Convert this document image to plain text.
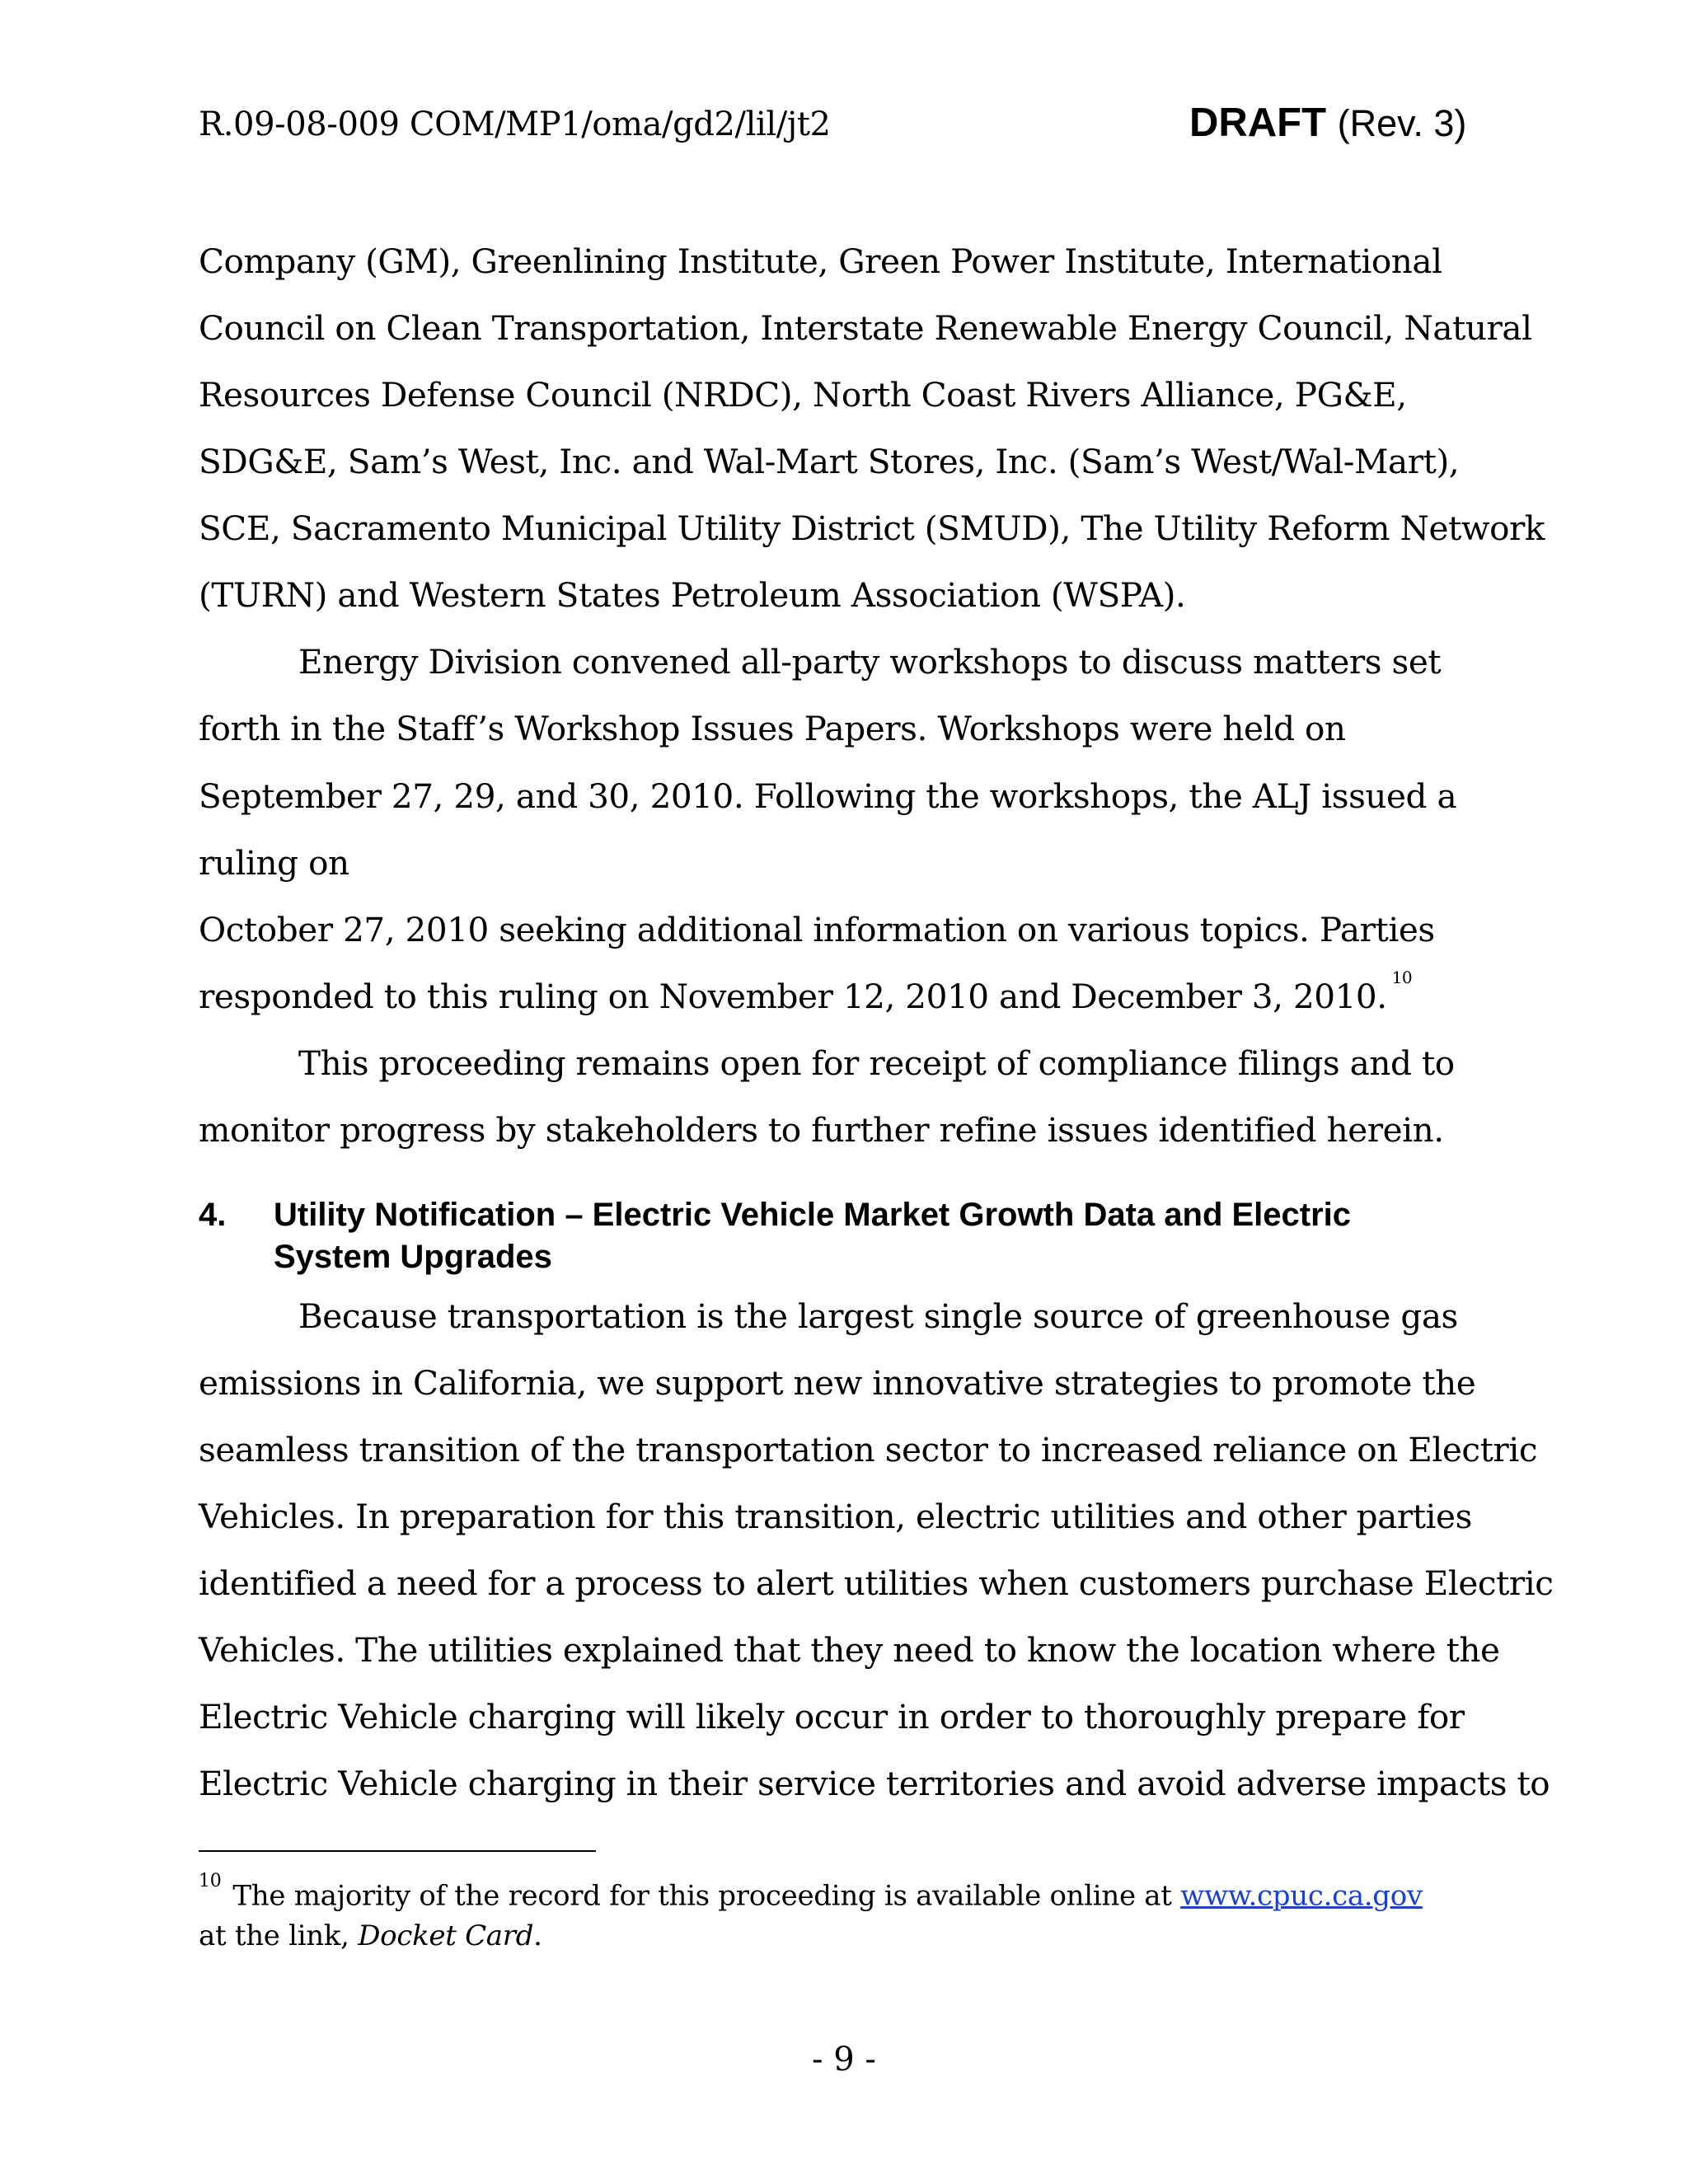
R.09-08-009 COM/MP1/oma/gd2/lil/jt2	DRAFT (Rev. 3)
Company (GM), Greenlining Institute, Green Power Institute, International
Council on Clean Transportation, Interstate Renewable Energy Council, Natural
Resources Defense Council (NRDC), North Coast Rivers Alliance, PG&E,
SDG&E, Sam’s West, Inc. and Wal-Mart Stores, Inc. (Sam’s West/Wal-Mart),
SCE, Sacramento Municipal Utility District (SMUD), The Utility Reform Network
(TURN) and Western States Petroleum Association (WSPA).
Energy Division convened all-party workshops to discuss matters set
forth in the Staff’s Workshop Issues Papers. Workshops were held on
September 27, 29, and 30, 2010. Following the workshops, the ALJ issued a
ruling on
October 27, 2010 seeking additional information on various topics. Parties
responded to this ruling on November 12, 2010 and December 3, 2010. $^{10}$
This proceeding remains open for receipt of compliance filings and to
monitor progress by stakeholders to further refine issues identified herein.
4. Utility Notification – Electric Vehicle Market Growth Data and Electric
System Upgrades
Because transportation is the largest single source of greenhouse gas
emissions in California, we support new innovative strategies to promote the
seamless transition of the transportation sector to increased reliance on Electric
Vehicles. In preparation for this transition, electric utilities and other parties
identified a need for a process to alert utilities when customers purchase Electric
Vehicles. The utilities explained that they need to know the location where the
Electric Vehicle charging will likely occur in order to thoroughly prepare for
Electric Vehicle charging in their service territories and avoid adverse impacts to
$^{10}$ The majority of the record for this proceeding is available online at www.cpuc.ca.gov
at the link, Docket Card.
- 9 -
